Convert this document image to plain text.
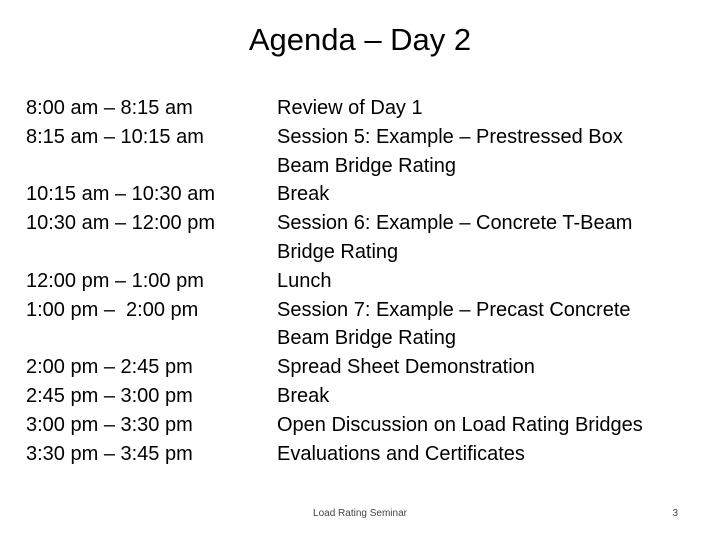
Agenda – Day 2
8:00 am – 8:15 am
8:15 am – 10:15 am
10:15 am – 10:30 am
10:30 am – 12:00 pm
12:00 pm – 1:00 pm
1:00 pm –  2:00 pm
2:00 pm – 2:45 pm
2:45 pm – 3:00 pm
3:00 pm – 3:30 pm
3:30 pm – 3:45 pm
Review of Day 1
Session 5: Example – Prestressed Box
Beam Bridge Rating
Break
Session 6: Example – Concrete T-Beam
Bridge Rating
Lunch
Session 7: Example – Precast Concrete
Beam Bridge Rating
Spread Sheet Demonstration
Break
Open Discussion on Load Rating Bridges
Evaluations and Certificates
Load Rating Seminar	3
